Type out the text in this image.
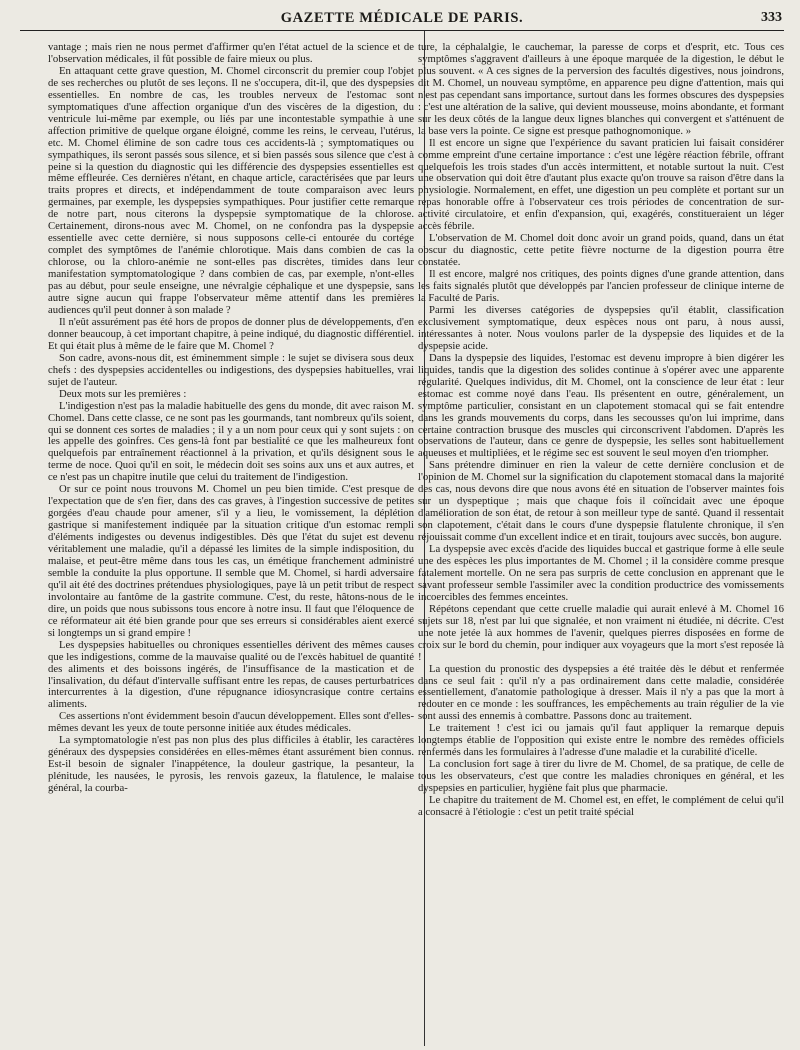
GAZETTE MÉDICALE DE PARIS.	333

vantage ; mais rien ne nous permet d'affirmer qu'en l'état actuel de la science et de l'observation médicales, il fût possible de faire mieux ou plus.

En attaquant cette grave question, M. Chomel circonscrit du premier coup l'objet de ses recherches ou plutôt de ses leçons. Il ne s'occupera, dit-il, que des dyspepsies essentielles. En nombre de cas, les troubles nerveux de l'estomac sont symptomatiques d'une affection organique d'un des viscères de la digestion, du ventricule lui-même par exemple, ou liés par une incontestable sympathie à une affection primitive de quelque organe éloigné, comme les reins, le cerveau, l'utérus, etc. M. Chomel élimine de son cadre tous ces accidents-là ; symptomatiques ou sympathiques, ils seront passés sous silence, et si bien passés sous silence que c'est à peine si la question du diagnostic qui les différencie des dyspepsies essentielles est même effleurée. Ces dernières n'étant, en chaque article, caractérisées que par leurs traits propres et directs, et indépendamment de toute comparaison avec leurs germaines, par exemple, les dyspepsies sympathiques. Pour justifier cette remarque de notre part, nous citerons la dyspepsie symptomatique de la chlorose. Certainement, dirons-nous avec M. Chomel, on ne confondra pas la dyspepsie essentielle avec cette dernière, si nous supposons celle-ci entourée du cortége complet des symptômes de l'anémie chlorotique. Mais dans combien de cas la chlorose, ou la chloro-anémie ne sont-elles pas discrètes, timides dans leur manifestation symptomatologique ? dans combien de cas, par exemple, n'ont-elles pas au début, pour seule enseigne, une névralgie céphalique et une dyspepsie, sans autre signe aucun qui frappe l'observateur même attentif dans les premières audiences qu'il peut donner à son malade ?

Il n'eût assurément pas été hors de propos de donner plus de développements, d'en donner beaucoup, à cet important chapitre, à peine indiqué, du diagnostic différentiel. Et qui était plus à même de le faire que M. Chomel ?

Son cadre, avons-nous dit, est éminemment simple : le sujet se divisera sous deux chefs : des dyspepsies accidentelles ou indigestions, des dyspepsies habituelles, vrai sujet de l'auteur.

Deux mots sur les premières :

L'indigestion n'est pas la maladie habituelle des gens du monde, dit avec raison M. Chomel. Dans cette classe, ce ne sont pas les gourmands, tant nombreux qu'ils soient, qui se donnent ces sortes de maladies ; il y a un nom pour ceux qui y sont sujets : on les appelle des goinfres. Ces gens-là font par bestialité ce que les malheureux font quelquefois par entraînement réactionnel à la privation, et qu'ils désignent sous le terme de noce. Quoi qu'il en soit, le médecin doit ses soins aux uns et aux autres, et ce n'est pas un chapitre inutile que celui du traitement de l'indigestion.

Or sur ce point nous trouvons M. Chomel un peu bien timide. C'est presque de l'expectation que de s'en fier, dans des cas graves, à l'ingestion successive de petites gorgées d'eau chaude pour amener, s'il y a lieu, le vomissement, la déplétion gastrique si manifestement indiquée par la situation critique d'un estomac rempli d'éléments indigestes ou devenus indigestibles. Dès que l'état du sujet est devenu véritablement une maladie, qu'il a dépassé les limites de la simple indisposition, du malaise, et peut-être même dans tous les cas, un émétique franchement administré semble la conduite la plus opportune. Il semble que M. Chomel, si hardi adversaire qu'il ait été des doctrines prétendues physiologiques, paye là un petit tribut de respect involontaire au fantôme de la gastrite commune. C'est, du reste, hâtons-nous de le dire, un poids que nous subissons tous encore à notre insu. Il faut que l'éloquence de ce réformateur ait été bien grande pour que ses erreurs si considérables aient exercé si longtemps un si grand empire !

Les dyspepsies habituelles ou chroniques essentielles dérivent des mêmes causes que les indigestions, comme de la mauvaise qualité ou de l'excès habituel de quantité des aliments et des boissons ingérés, de l'insuffisance de la mastication et de l'insalivation, du défaut d'intervalle suffisant entre les repas, de causes perturbatrices intercurrentes à la digestion, d'une répugnance idiosyncrasique contre certains aliments.

Ces assertions n'ont évidemment besoin d'aucun développement. Elles sont d'elles-mêmes devant les yeux de toute personne initiée aux études médicales.

La symptomatologie n'est pas non plus des plus difficiles à établir, les caractères généraux des dyspepsies considérées en elles-mêmes étant assurément bien connus. Est-il besoin de signaler l'inappétence, la douleur gastrique, la pesanteur, la plénitude, les nausées, le pyrosis, les renvois gazeux, la flatulence, le malaise général, la courba-

ture, la céphalalgie, le cauchemar, la paresse de corps et d'esprit, etc. Tous ces symptômes s'aggravent d'ailleurs à une époque marquée de la digestion, le début le plus souvent. « A ces signes de la perversion des facultés digestives, nous joindrons, dit M. Chomel, un nouveau symptôme, en apparence peu digne d'attention, mais qui n'est pas cependant sans importance, surtout dans les formes obscures des dyspepsies : c'est une altération de la salive, qui devient mousseuse, moins abondante, et formant sur les deux côtés de la langue deux lignes blanches qui convergent et s'atténuent de la base vers la pointe. Ce signe est presque pathognomonique. »

Il est encore un signe que l'expérience du savant praticien lui faisait considérer comme empreint d'une certaine importance : c'est une légère réaction fébrile, offrant quelquefois les trois stades d'un accès intermittent, et notable surtout la nuit. C'est une observation qui doit être d'autant plus exacte qu'on trouve sa raison d'être dans la physiologie. Normalement, en effet, une digestion un peu complète et portant sur un repas honorable offre à l'observateur ces trois périodes de concentration de sur-activité circulatoire, et enfin d'expansion, qui, exagérés, constitueraient un léger accès fébrile.

L'observation de M. Chomel doit donc avoir un grand poids, quand, dans un état obscur du diagnostic, cette petite fièvre nocturne de la digestion pourra être constatée.

Il est encore, malgré nos critiques, des points dignes d'une grande attention, dans les faits signalés plutôt que développés par l'ancien professeur de clinique interne de la Faculté de Paris.

Parmi les diverses catégories de dyspepsies qu'il établit, classification exclusivement symptomatique, deux espèces nous ont paru, à nous aussi, intéressantes à noter. Nous voulons parler de la dyspepsie des liquides et de la dyspepsie acide.

Dans la dyspepsie des liquides, l'estomac est devenu impropre à bien digérer les liquides, tandis que la digestion des solides continue à s'opérer avec une apparente régularité. Quelques individus, dit M. Chomel, ont la conscience de leur état : leur estomac est comme noyé dans l'eau. Ils présentent en outre, généralement, un symptôme particulier, consistant en un clapotement stomacal qui se fait entendre dans les grands mouvements du corps, dans les secousses qu'on lui imprime, dans certaine contraction brusque des muscles qui circonscrivent l'abdomen. D'après les observations de l'auteur, dans ce genre de dyspepsie, les selles sont habituellement aqueuses et multipliées, et le régime sec est souvent le seul moyen d'en triompher.

Sans prétendre diminuer en rien la valeur de cette dernière conclusion et de l'opinion de M. Chomel sur la signification du clapotement stomacal dans la majorité des cas, nous devons dire que nous avons été en situation de l'observer maintes fois sur un dyspeptique ; mais que chaque fois il coïncidait avec une époque d'amélioration de son état, de retour à son meilleur type de santé. Quand il ressentait son clapotement, c'était dans le cours d'une dyspepsie flatulente chronique, il s'en réjouissait comme d'un excellent indice et en tirait, toujours avec succès, bon augure.

La dyspepsie avec excès d'acide des liquides buccal et gastrique forme à elle seule une des espèces les plus importantes de M. Chomel ; il la considère comme presque fatalement mortelle. On ne sera pas surpris de cette conclusion en apprenant que le savant professeur semble l'assimiler avec la condition productrice des vomissements incoercibles des femmes enceintes.

Répétons cependant que cette cruelle maladie qui aurait enlevé à M. Chomel 16 sujets sur 18, n'est par lui que signalée, et non vraiment ni étudiée, ni décrite. C'est une note jetée là aux hommes de l'avenir, quelques pierres disposées en forme de croix sur le bord du chemin, pour indiquer aux voyageurs que la mort s'est reposée là !

La question du pronostic des dyspepsies a été traitée dès le début et renfermée dans ce seul fait : qu'il n'y a pas ordinairement dans cette maladie, considérée essentiellement, d'anatomie pathologique à dresser. Mais il n'y a pas que la mort à redouter en ce monde : les souffrances, les empêchements au train régulier de la vie sont aussi des ennemis à combattre. Passons donc au traitement.

Le traitement ! c'est ici ou jamais qu'il faut appliquer la remarque depuis longtemps établie de l'opposition qui existe entre le nombre des remèdes officiels renfermés dans les formulaires à l'adresse d'une maladie et la curabilité d'icelle.

La conclusion fort sage à tirer du livre de M. Chomel, de sa pratique, de celle de tous les observateurs, c'est que contre les maladies chroniques en général, et les dyspepsies en particulier, hygiène fait plus que pharmacie.

Le chapitre du traitement de M. Chomel est, en effet, le complément de celui qu'il a consacré à l'étiologie : c'est un petit traité spécial
